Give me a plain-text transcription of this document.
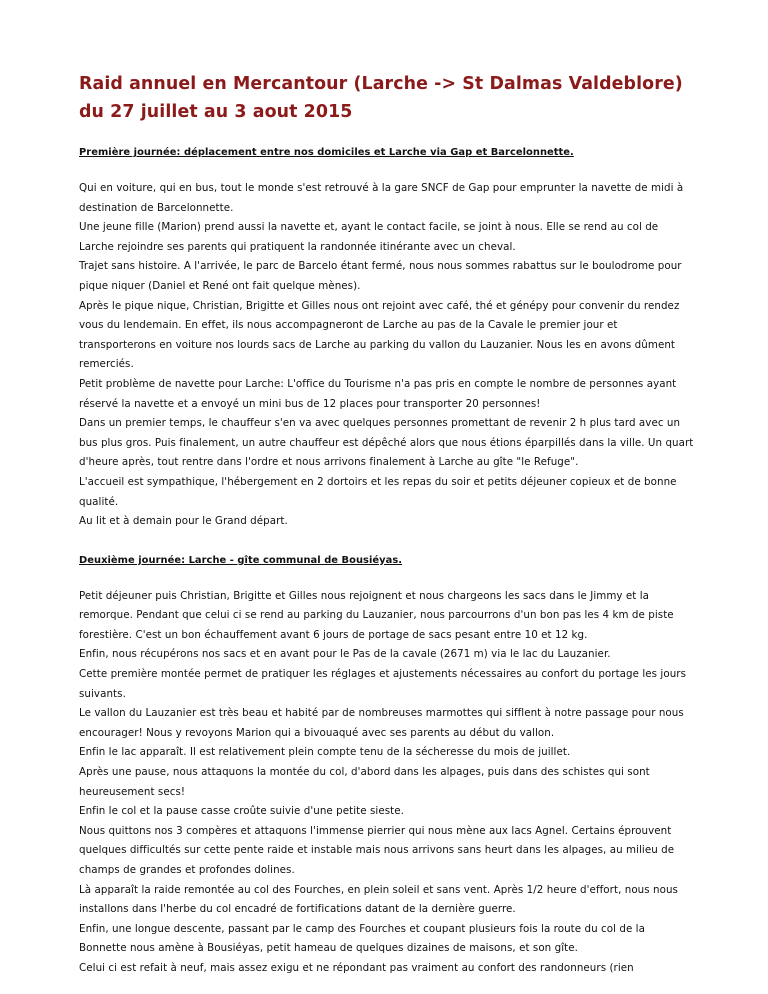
Raid annuel en Mercantour (Larche -> St Dalmas Valdeblore) du 27 juillet au 3 aout 2015
Première journée: déplacement entre nos domiciles et Larche via Gap et Barcelonnette.

Qui en voiture, qui en bus, tout le monde s'est retrouvé à la gare SNCF de Gap pour emprunter la navette de midi à destination de Barcelonnette.

Une jeune fille (Marion) prend aussi la navette et, ayant le contact facile, se joint à nous. Elle se rend au col de Larche rejoindre ses parents qui pratiquent la randonnée itinérante avec un cheval.

Trajet sans histoire. A l'arrivée, le parc de Barcelo étant fermé, nous nous sommes rabattus sur le boulodrome pour pique niquer (Daniel et René ont fait quelque mènes).

Après le pique nique, Christian, Brigitte et Gilles nous ont rejoint avec café, thé et génépy pour convenir du rendez vous du lendemain. En effet, ils nous accompagneront de Larche au pas de la Cavale le premier jour et transporterons en voiture nos lourds sacs de Larche au parking du vallon du Lauzanier. Nous les en avons dûment remerciés.

Petit problème de navette pour Larche: L'office du Tourisme n'a pas pris en compte le nombre de personnes ayant réservé la navette et a envoyé un mini bus de 12 places pour transporter 20 personnes!

Dans un premier temps, le chauffeur s'en va avec quelques personnes promettant de revenir 2 h plus tard avec un bus plus gros. Puis finalement, un autre chauffeur est dépêché alors que nous étions éparpillés dans la ville. Un quart d'heure après, tout rentre dans l'ordre et nous arrivons finalement à Larche au gîte "le Refuge".

L'accueil est sympathique, l'hébergement en 2 dortoirs et les repas du soir et petits déjeuner copieux et de bonne qualité.

Au lit et à demain pour le Grand départ.

Deuxième journée: Larche - gîte communal de Bousiéyas.

Petit déjeuner puis Christian, Brigitte et Gilles nous rejoignent et nous chargeons les sacs dans le Jimmy et la remorque. Pendant que celui ci se rend au parking du Lauzanier, nous parcourrons d'un bon pas les 4 km de piste forestière. C'est un bon échauffement avant 6 jours de portage de sacs pesant entre 10 et 12 kg.

Enfin, nous récupérons nos sacs et en avant pour le Pas de la cavale (2671 m) via le lac du Lauzanier.

Cette première montée permet de pratiquer les réglages et ajustements nécessaires au confort du portage les jours suivants.

Le vallon du Lauzanier est très beau et habité par de nombreuses marmottes qui sifflent à notre passage pour nous encourager! Nous y revoyons Marion qui a bivouaqué avec ses parents au début du vallon.

Enfin le lac apparaît. Il est relativement plein compte tenu de la sécheresse du mois de juillet.

Après une pause, nous attaquons la montée du col, d'abord dans les alpages, puis dans des schistes qui sont heureusement secs!

Enfin le col et la pause casse croûte suivie d'une petite sieste.

Nous quittons nos 3 compères et attaquons l'immense pierrier qui nous mène aux lacs Agnel. Certains éprouvent quelques difficultés sur cette pente raide et instable mais nous arrivons sans heurt dans les alpages, au milieu de champs de grandes et profondes dolines.

Là apparaît la raide remontée au col des Fourches, en plein soleil et sans vent. Après 1/2 heure d'effort, nous nous installons dans l'herbe du col encadré de fortifications datant de la dernière guerre.

Enfin, une longue descente, passant par le camp des Fourches et coupant plusieurs fois la route du col de la Bonnette nous amène à Bousiéyas, petit hameau de quelques dizaines de maisons, et son gîte.

Celui ci est refait à neuf, mais assez exigu et ne répondant pas vraiment au confort des randonneurs (rien
